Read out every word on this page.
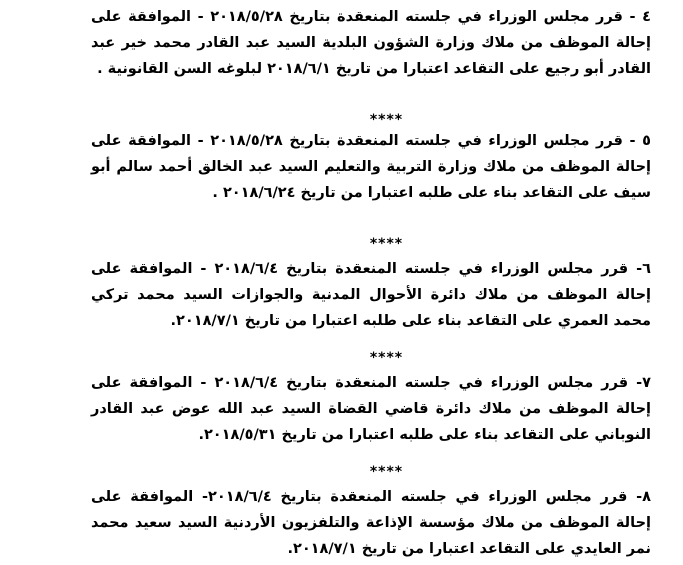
٤ - قرر مجلس الوزراء في جلسته المنعقدة بتاريخ ٢٠١٨/٥/٢٨ - الموافقة على إحالة الموظف من ملاك وزارة الشؤون البلدية السيد عبد القادر محمد خير عبد القادر أبو رجيع على التقاعد اعتبارا من تاريخ ٢٠١٨/٦/١ لبلوغه السن القانونية .
****
٥ - قرر مجلس الوزراء في جلسته المنعقدة بتاريخ ٢٠١٨/٥/٢٨ - الموافقة على إحالة الموظف من ملاك وزارة التربية والتعليم السيد عبد الخالق أحمد سالم أبو سيف على التقاعد بناء على طلبه اعتبارا من تاريخ ٢٠١٨/٦/٢٤ .
****
٦- قرر مجلس الوزراء في جلسته المنعقدة بتاريخ ٢٠١٨/٦/٤ - الموافقة على إحالة الموظف من ملاك دائرة الأحوال المدنية والجوازات السيد محمد تركي محمد العمري على التقاعد بناء على طلبه اعتبارا من تاريخ ٢٠١٨/٧/١.
****
٧- قرر مجلس الوزراء في جلسته المنعقدة بتاريخ ٢٠١٨/٦/٤ - الموافقة على إحالة الموظف من ملاك دائرة قاضي القضاة السيد عبد الله عوض عبد القادر النوباني على التقاعد بناء على طلبه اعتبارا من تاريخ ٢٠١٨/٥/٣١.
****
٨- قرر مجلس الوزراء في جلسته المنعقدة بتاريخ ٢٠١٨/٦/٤- الموافقة على إحالة الموظف من ملاك مؤسسة الإذاعة والتلفزيون الأردنية السيد سعيد محمد نمر العايدي على التقاعد اعتبارا من تاريخ ٢٠١٨/٧/١.
